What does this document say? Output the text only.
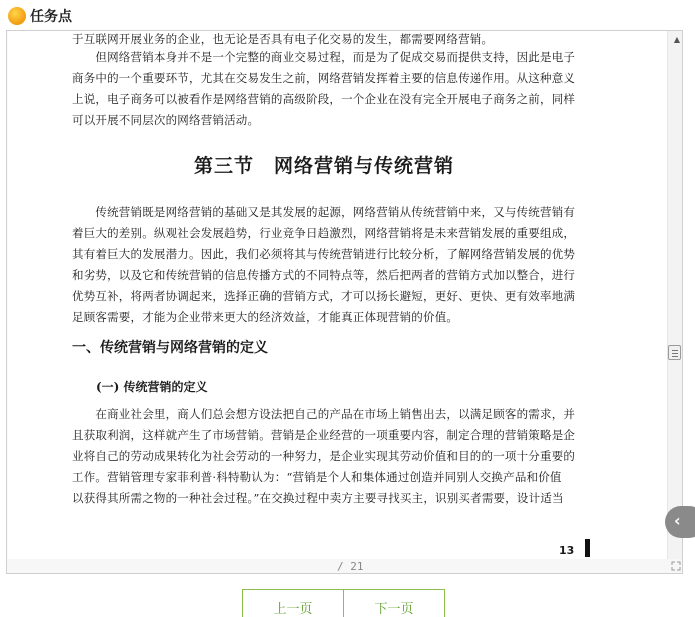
任务点

于互联网开展业务的企业，也无论是否具有电子化交易的发生，都需要网络营销。

　　但网络营销本身并不是一个完整的商业交易过程，而是为了促成交易而提供支持，因此是电子

商务中的一个重要环节，尤其在交易发生之前，网络营销发挥着主要的信息传递作用。从这种意义

上说，电子商务可以被看作是网络营销的高级阶段，一个企业在没有完全开展电子商务之前，同样

可以开展不同层次的网络营销活动。

第三节　网络营销与传统营销

　　传统营销既是网络营销的基础又是其发展的起源，网络营销从传统营销中来，又与传统营销有

着巨大的差别。纵观社会发展趋势，行业竞争日趋激烈，网络营销将是未来营销发展的重要组成，

其有着巨大的发展潜力。因此，我们必须将其与传统营销进行比较分析，了解网络营销发展的优势

和劣势，以及它和传统营销的信息传播方式的不同特点等，然后把两者的营销方式加以整合，进行

优势互补，将两者协调起来，选择正确的营销方式，才可以扬长避短，更好、更快、更有效率地满

足顾客需要，才能为企业带来更大的经济效益，才能真正体现营销的价值。

一、传统营销与网络营销的定义
(一) 传统营销的定义

　　在商业社会里，商人们总会想方设法把自己的产品在市场上销售出去，以满足顾客的需求，并

且获取利润，这样就产生了市场营销。营销是企业经营的一项重要内容，制定合理的营销策略是企

业将自己的劳动成果转化为社会劳动的一种努力，是企业实现其劳动价值和目的的一项十分重要的

工作。营销管理专家菲利普·科特勒认为：“营销是个人和集体通过创造并同别人交换产品和价值

以获得其所需之物的一种社会过程。”在交换过程中卖方主要寻找买主，识别买者需要，设计适当

13
▲
/ 21
‹
上一页	下一页
